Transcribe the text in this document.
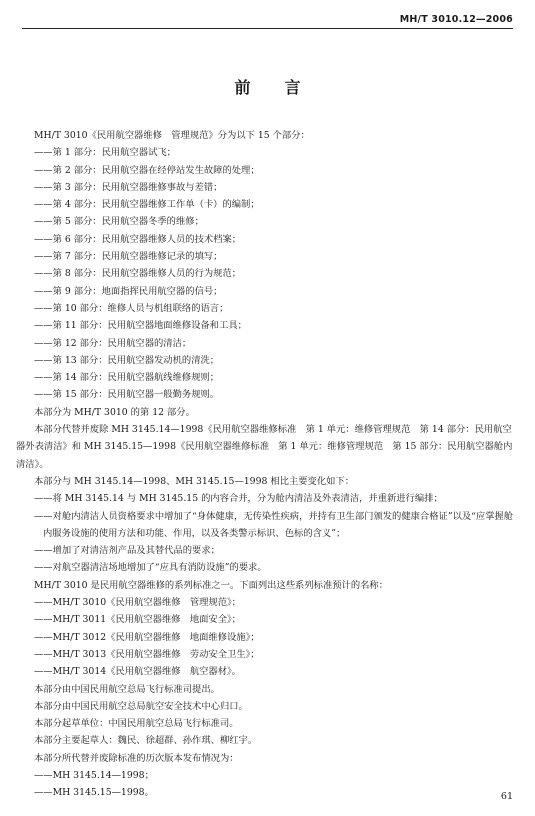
MH/T 3010.12—2006
前言

MH/T 3010《民用航空器维修　管理规范》分为以下 15 个部分：

——第 1 部分：民用航空器试飞；

——第 2 部分：民用航空器在经停站发生故障的处理；

——第 3 部分：民用航空器维修事故与差错；

——第 4 部分：民用航空器维修工作单（卡）的编制；

——第 5 部分：民用航空器冬季的维修；

——第 6 部分：民用航空器维修人员的技术档案；

——第 7 部分：民用航空器维修记录的填写；

——第 8 部分：民用航空器维修人员的行为规范；

——第 9 部分：地面指挥民用航空器的信号；

——第 10 部分：维修人员与机组联络的语言；

——第 11 部分：民用航空器地面维修设备和工具；

——第 12 部分：民用航空器的清洁；

——第 13 部分：民用航空器发动机的清洗；

——第 14 部分：民用航空器航线维修规则；

——第 15 部分：民用航空器一般勤务规则。

本部分为 MH/T 3010 的第 12 部分。

本部分代替并废除 MH 3145.14—1998《民用航空器维修标准　第 1 单元：维修管理规范　第 14 部分：民用航空器外表清洁》和 MH 3145.15—1998《民用航空器维修标准　第 1 单元：维修管理规范　第 15 部分：民用航空器舱内清洁》。

本部分与 MH 3145.14—1998、MH 3145.15—1998 相比主要变化如下：

——将 MH 3145.14 与 MH 3145.15 的内容合并，分为舱内清洁及外表清洁，并重新进行编排；

——对舱内清洁人员资格要求中增加了“身体健康，无传染性疾病，并持有卫生部门颁发的健康合格证”以及“应掌握舱内服务设施的使用方法和功能、作用，以及各类警示标识、色标的含义”；

——增加了对清洁剂产品及其替代品的要求；

——对航空器清洁场地增加了“应具有消防设施”的要求。

MH/T 3010 是民用航空器维修的系列标准之一。下面列出这些系列标准预计的名称：

——MH/T 3010《民用航空器维修　管理规范》；

——MH/T 3011《民用航空器维修　地面安全》；

——MH/T 3012《民用航空器维修　地面维修设施》；

——MH/T 3013《民用航空器维修　劳动安全卫生》；

——MH/T 3014《民用航空器维修　航空器材》。

本部分由中国民用航空总局飞行标准司提出。

本部分由中国民用航空总局航空安全技术中心归口。

本部分起草单位：中国民用航空总局飞行标准司。

本部分主要起草人：魏民、徐超群、孙作琪、柳红宇。

本部分所代替并废除标准的历次版本发布情况为：

——MH 3145.14—1998；

——MH 3145.15—1998。	61
